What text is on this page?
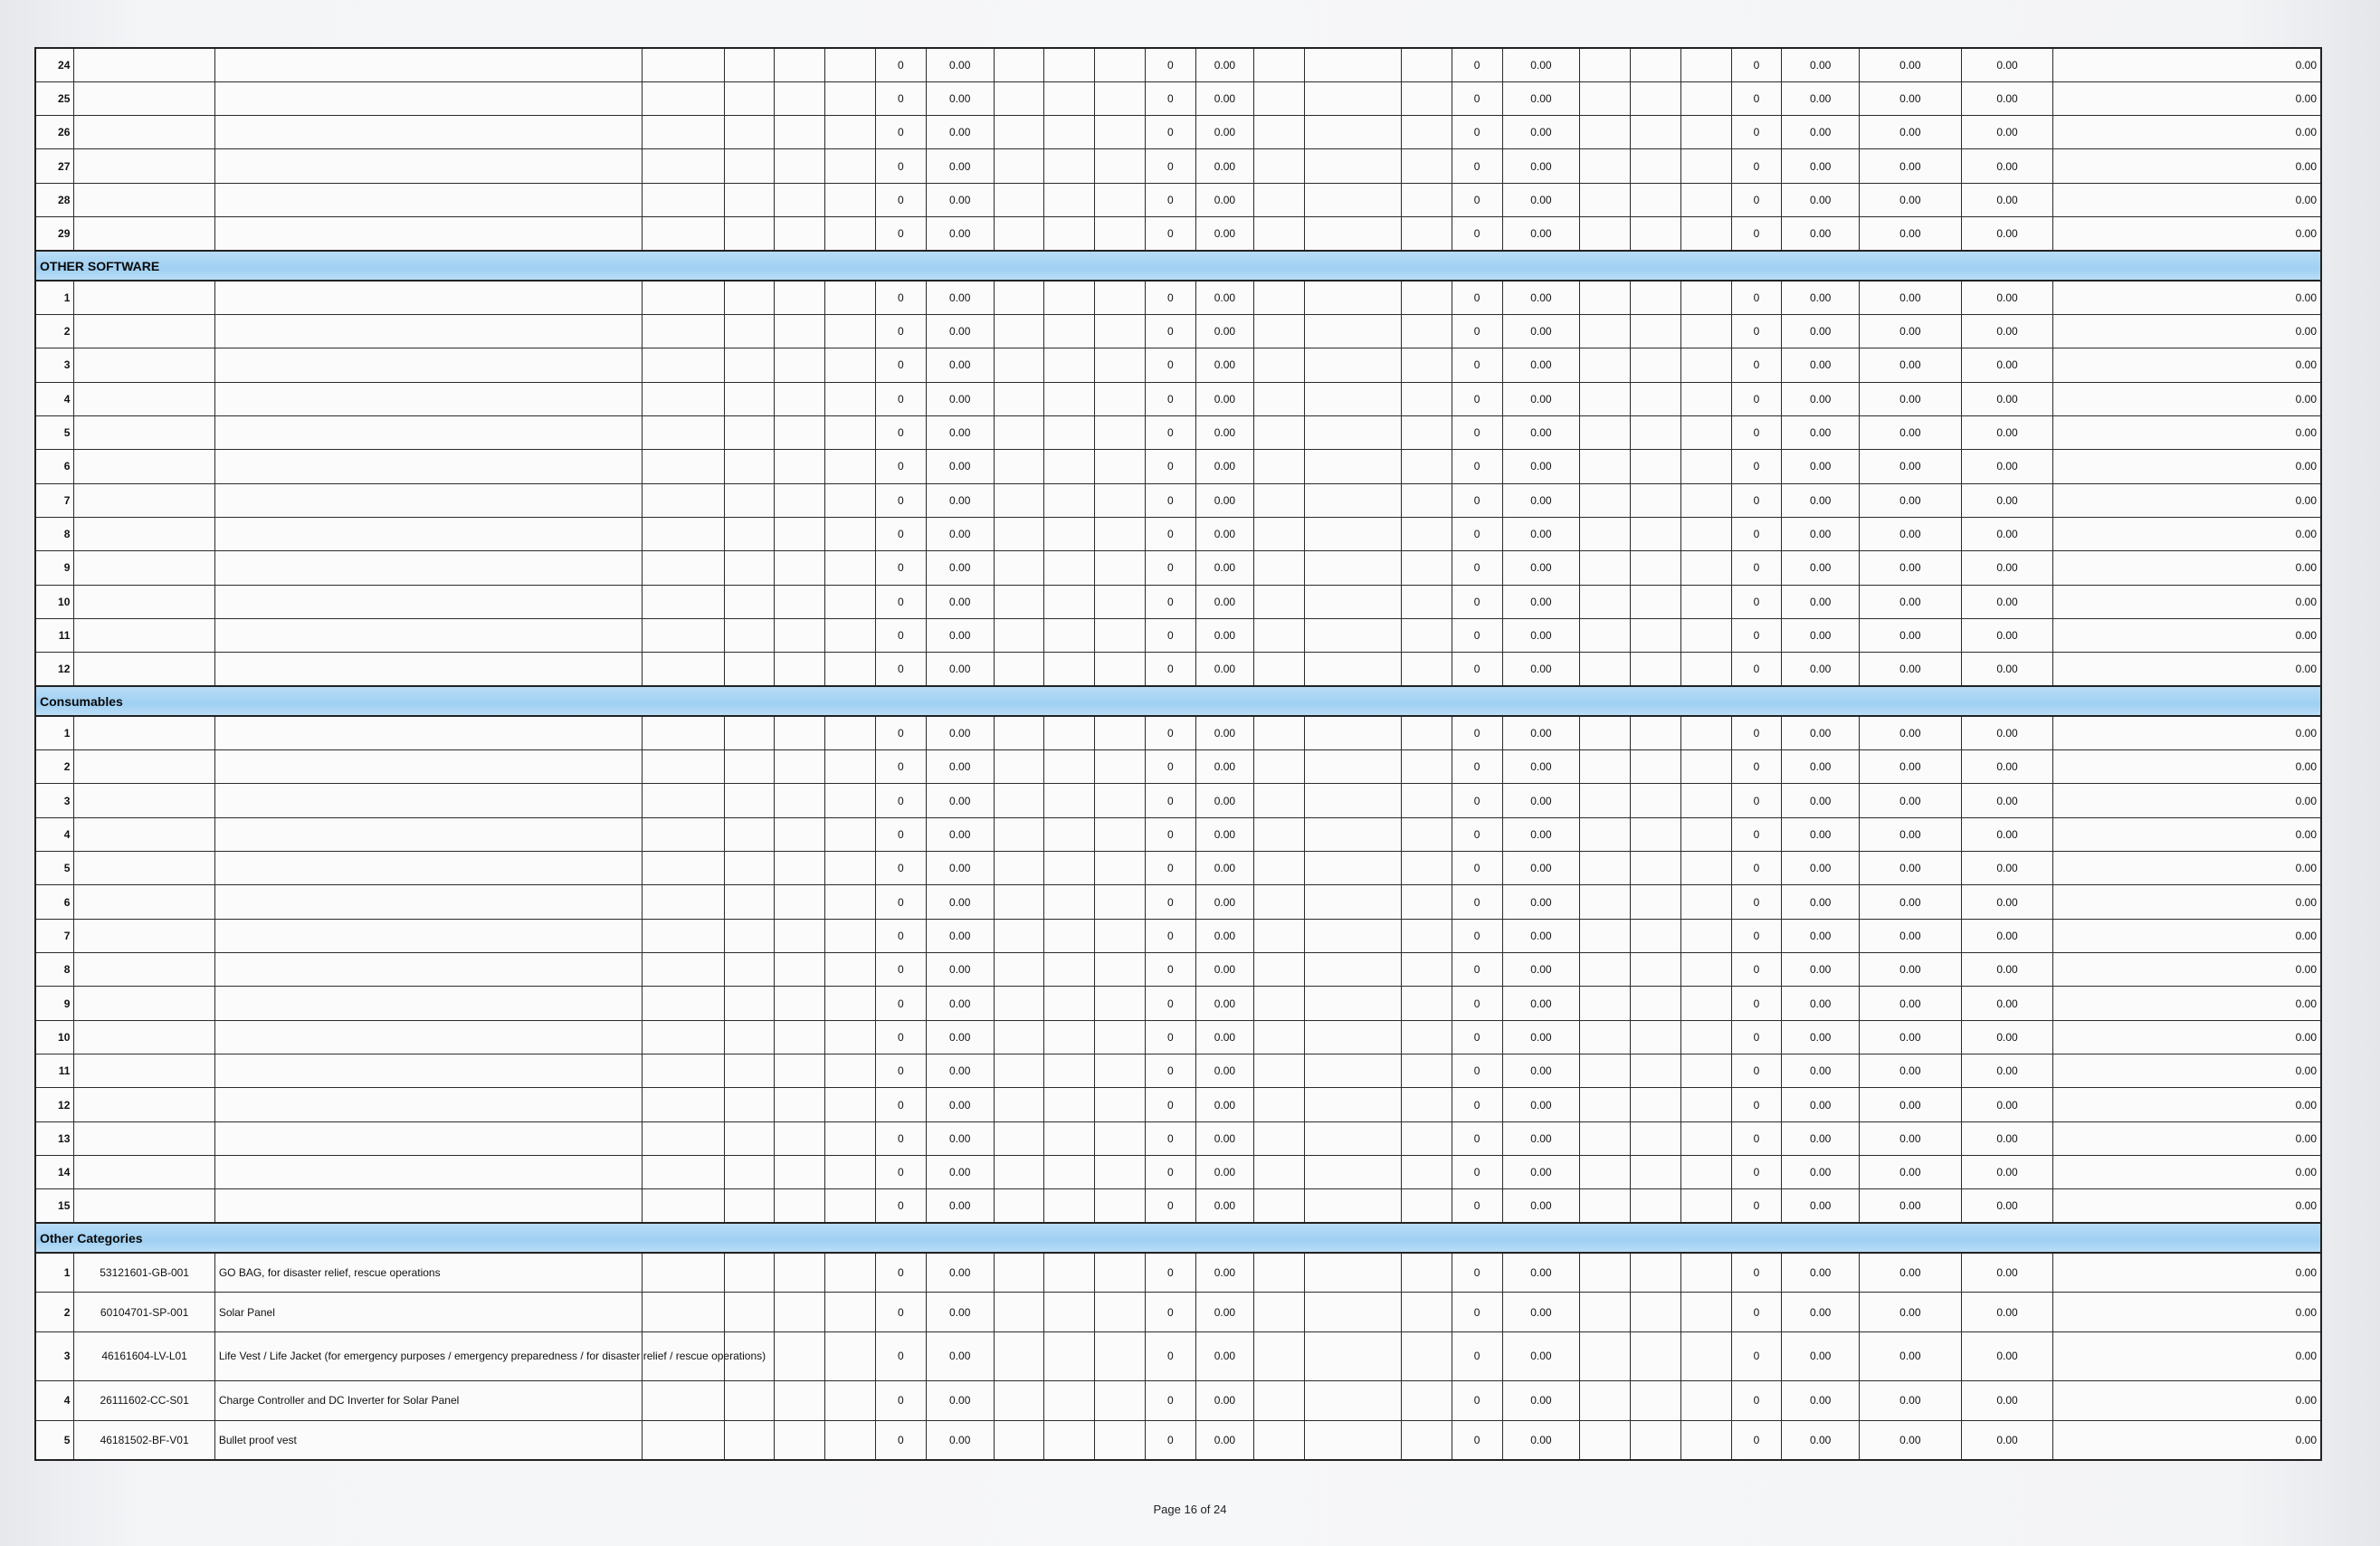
24							0	0.00				0	0.00				0	0.00				0	0.00	0.00	0.00	0.00
25							0	0.00				0	0.00				0	0.00				0	0.00	0.00	0.00	0.00
26							0	0.00				0	0.00				0	0.00				0	0.00	0.00	0.00	0.00
27							0	0.00				0	0.00				0	0.00				0	0.00	0.00	0.00	0.00
28							0	0.00				0	0.00				0	0.00				0	0.00	0.00	0.00	0.00
29							0	0.00				0	0.00				0	0.00				0	0.00	0.00	0.00	0.00
OTHER SOFTWARE																										
1							0	0.00				0	0.00				0	0.00				0	0.00	0.00	0.00	0.00
2							0	0.00				0	0.00				0	0.00				0	0.00	0.00	0.00	0.00
3							0	0.00				0	0.00				0	0.00				0	0.00	0.00	0.00	0.00
4							0	0.00				0	0.00				0	0.00				0	0.00	0.00	0.00	0.00
5							0	0.00				0	0.00				0	0.00				0	0.00	0.00	0.00	0.00
6							0	0.00				0	0.00				0	0.00				0	0.00	0.00	0.00	0.00
7							0	0.00				0	0.00				0	0.00				0	0.00	0.00	0.00	0.00
8							0	0.00				0	0.00				0	0.00				0	0.00	0.00	0.00	0.00
9							0	0.00				0	0.00				0	0.00				0	0.00	0.00	0.00	0.00
10							0	0.00				0	0.00				0	0.00				0	0.00	0.00	0.00	0.00
11							0	0.00				0	0.00				0	0.00				0	0.00	0.00	0.00	0.00
12							0	0.00				0	0.00				0	0.00				0	0.00	0.00	0.00	0.00
Consumables																										
1							0	0.00				0	0.00				0	0.00				0	0.00	0.00	0.00	0.00
2							0	0.00				0	0.00				0	0.00				0	0.00	0.00	0.00	0.00
3							0	0.00				0	0.00				0	0.00				0	0.00	0.00	0.00	0.00
4							0	0.00				0	0.00				0	0.00				0	0.00	0.00	0.00	0.00
5							0	0.00				0	0.00				0	0.00				0	0.00	0.00	0.00	0.00
6							0	0.00				0	0.00				0	0.00				0	0.00	0.00	0.00	0.00
7							0	0.00				0	0.00				0	0.00				0	0.00	0.00	0.00	0.00
8							0	0.00				0	0.00				0	0.00				0	0.00	0.00	0.00	0.00
9							0	0.00				0	0.00				0	0.00				0	0.00	0.00	0.00	0.00
10							0	0.00				0	0.00				0	0.00				0	0.00	0.00	0.00	0.00
11							0	0.00				0	0.00				0	0.00				0	0.00	0.00	0.00	0.00
12							0	0.00				0	0.00				0	0.00				0	0.00	0.00	0.00	0.00
13							0	0.00				0	0.00				0	0.00				0	0.00	0.00	0.00	0.00
14							0	0.00				0	0.00				0	0.00				0	0.00	0.00	0.00	0.00
15							0	0.00				0	0.00				0	0.00				0	0.00	0.00	0.00	0.00
Other Categories																										
1	53121601-GB-001	GO BAG, for disaster relief, rescue operations					0	0.00				0	0.00				0	0.00				0	0.00	0.00	0.00	0.00
2	60104701-SP-001	Solar Panel					0	0.00				0	0.00				0	0.00				0	0.00	0.00	0.00	0.00
3	46161604-LV-L01	Life Vest / Life Jacket (for emergency purposes / emergency preparedness / for disaster relief / rescue operations)					0	0.00				0	0.00				0	0.00				0	0.00	0.00	0.00	0.00
4	26111602-CC-S01	Charge Controller and DC Inverter for Solar Panel					0	0.00				0	0.00				0	0.00				0	0.00	0.00	0.00	0.00
5	46181502-BF-V01	Bullet proof vest					0	0.00				0	0.00				0	0.00				0	0.00	0.00	0.00	0.00
Page 16 of 24
